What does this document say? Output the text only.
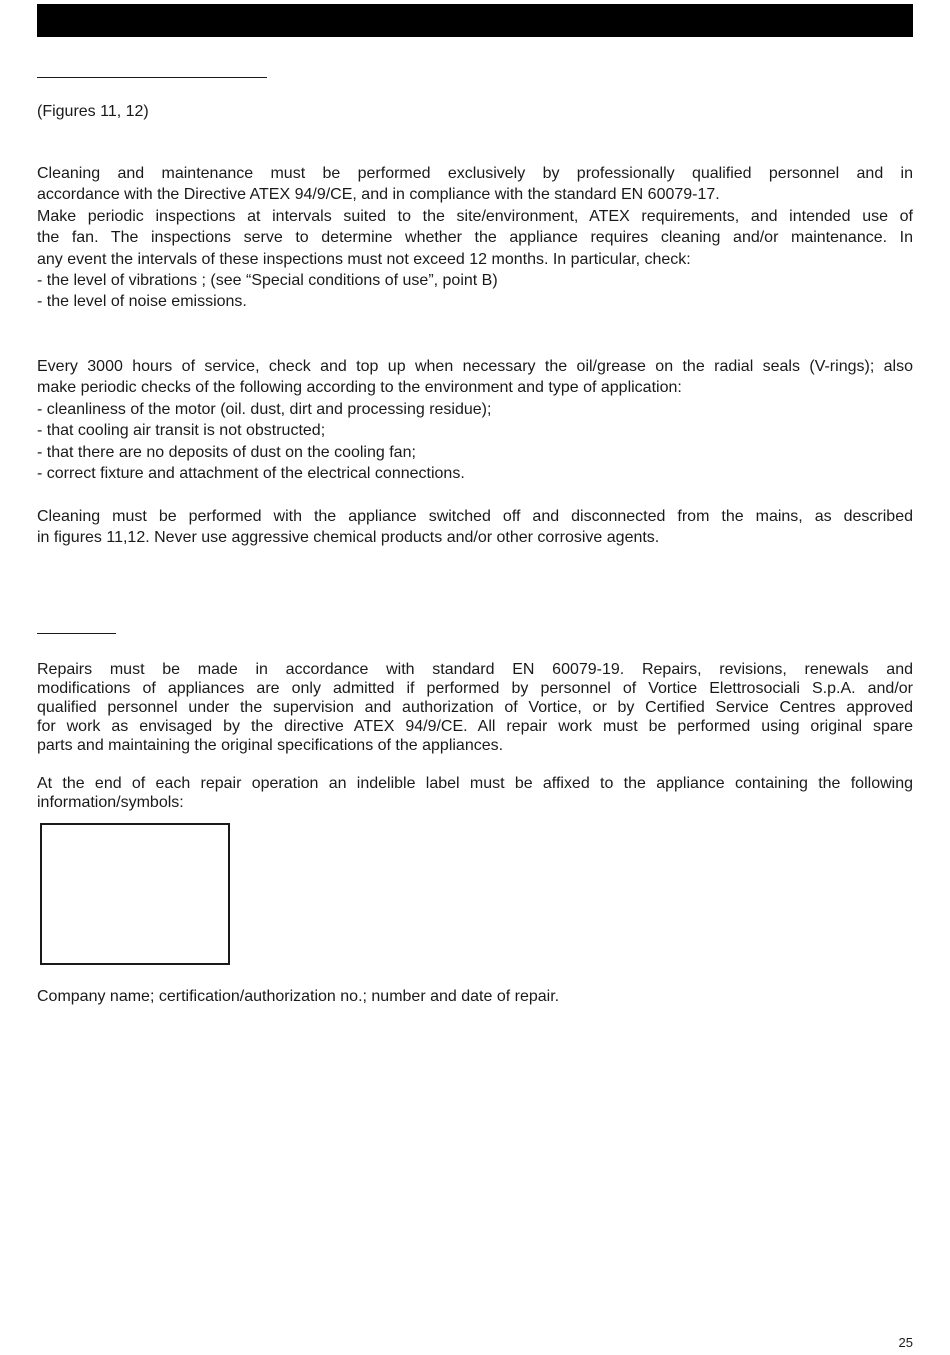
(Figures 11, 12)

Cleaning and maintenance must be performed exclusively by professionally qualified personnel and in
accordance with the Directive ATEX 94/9/CE, and in compliance with the standard EN 60079-17.
Make periodic inspections at intervals suited to the site/environment, ATEX requirements, and intended use of
the fan. The inspections serve to determine whether the appliance requires cleaning and/or maintenance. In
any event the intervals of these inspections must not exceed 12 months. In particular, check:
- the level of vibrations ; (see “Special conditions of use”, point B)
- the level of noise emissions.
Every 3000 hours of service, check and top up when necessary the oil/grease on the radial seals (V-rings); also
make periodic checks of the following according to the environment and type of application:
- cleanliness of the motor (oil. dust, dirt and processing residue);
- that cooling air transit is not obstructed;
- that there are no deposits of dust on the cooling fan;
- correct fixture and attachment of the electrical connections.
Cleaning must be performed with the appliance switched off and disconnected from the mains, as described
in figures 11,12. Never use aggressive chemical products and/or other corrosive agents.
Repairs must be made in accordance with standard EN 60079-19. Repairs, revisions, renewals and
modifications of appliances are only admitted if performed by personnel of Vortice Elettrosociali S.p.A. and/or
qualified personnel under the supervision and authorization of Vortice, or by Certified Service Centres approved
for work as envisaged by the directive ATEX 94/9/CE. All repair work must be performed using original spare
parts and maintaining the original specifications of the appliances.
At the end of each repair operation an indelible label must be affixed to the appliance containing the following
information/symbols:

Company name; certification/authorization no.; number and date of repair.

25
